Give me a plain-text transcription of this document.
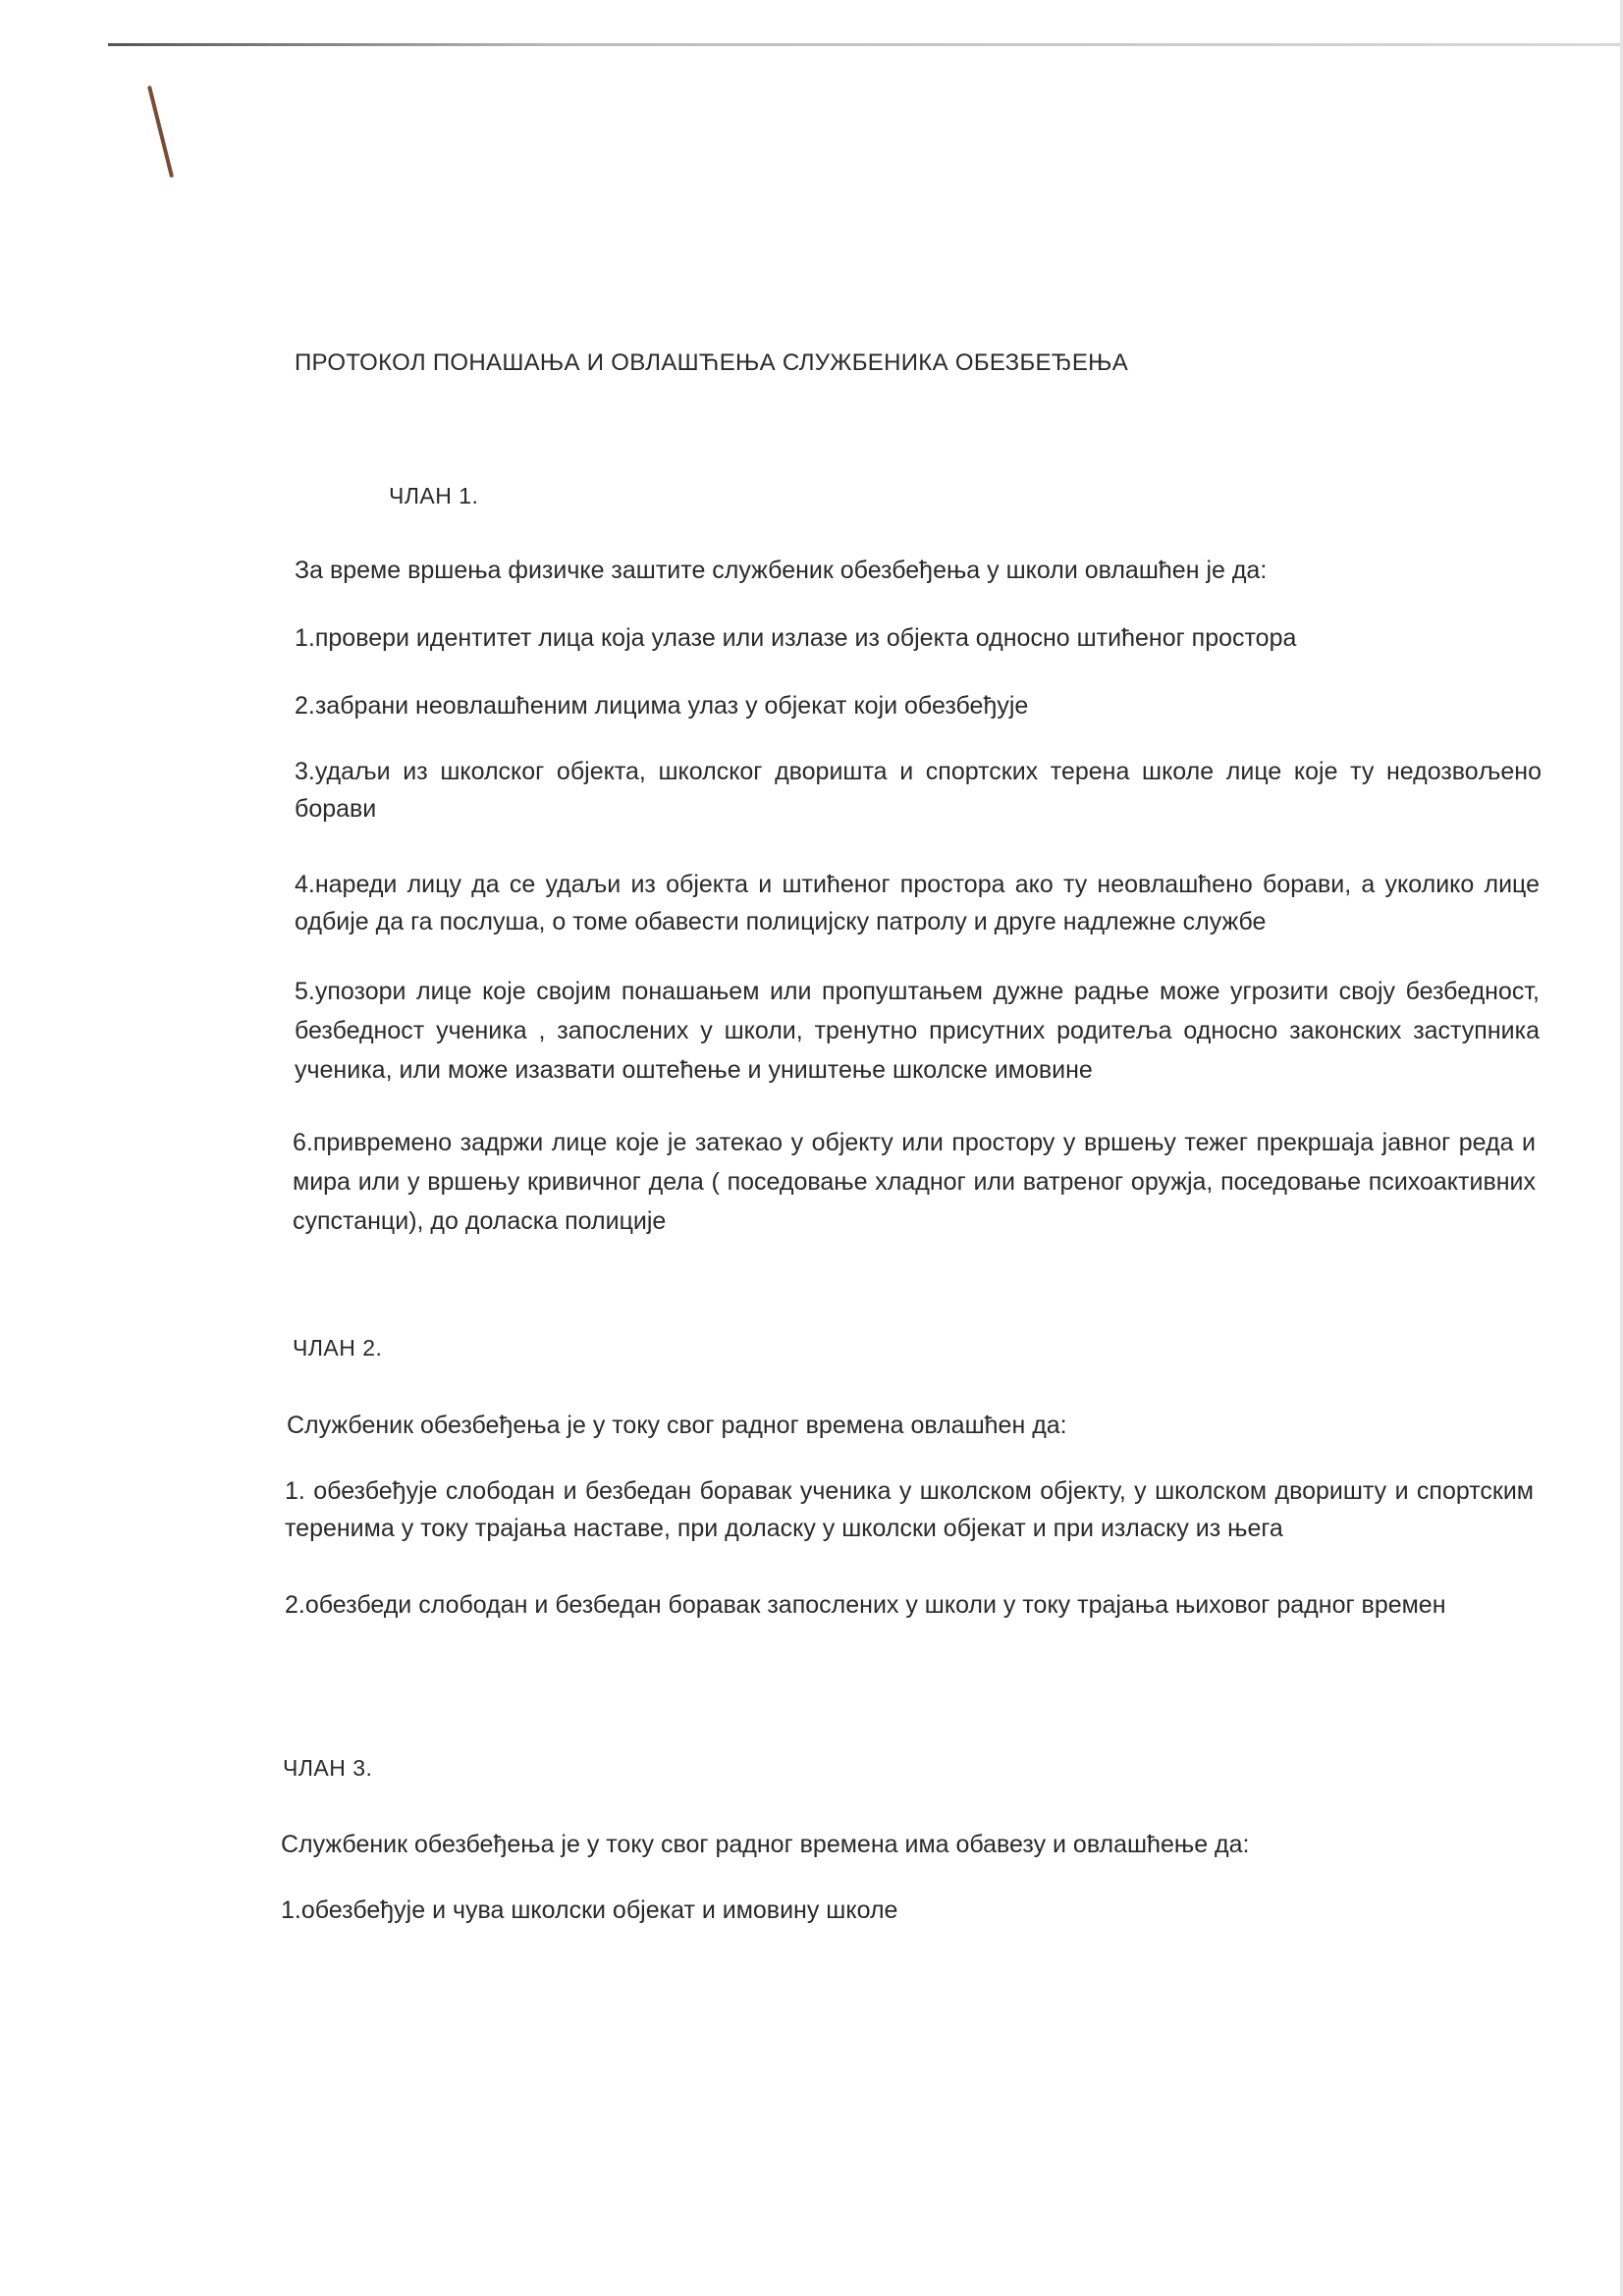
ПРОТОКОЛ ПОНАШАЊА И ОВЛАШЋЕЊА СЛУЖБЕНИКА ОБЕЗБЕЂЕЊА
ЧЛАН 1.

За време вршења физичке заштите службеник обезбеђења у школи овлашћен је да:

1.провери идентитет лица која улазе или излазе из објекта односно штићеног простора

2.забрани неовлашћеним лицима улаз у објекат који обезбеђује

3.удаљи из школског објекта, школског дворишта и спортских терена школе лице које ту недозвољено борави

4.нареди лицу да се удаљи из објекта и штићеног простора ако ту неовлашћено борави, а уколико лице одбије да га послуша, о томе обавести полицијску патролу и друге надлежне службе

5.упозори лице које својим понашањем или пропуштањем дужне радње може угрозити своју безбедност, безбедност ученика , запослених у школи, тренутно присутних родитеља односно законских заступника ученика, или може изазвати оштећење и уништење школске имовине

6.привремено задржи лице које је затекао у објекту или простору у вршењу тежег прекршаја јавног реда и мира или у вршењу кривичног дела ( поседовање хладног или ватреног оружја, поседовање психоактивних супстанци), до доласка полиције

ЧЛАН 2.

Службеник обезбеђења је у току свог радног времена овлашћен да:

1. обезбеђује слободан и безбедан боравак ученика у школском објекту, у школском дворишту и спортским теренима у току трајања наставе, при доласку у школски објекат и при изласку из њега

2.обезбеди слободан и безбедан боравак запослених у школи у току трајања њиховог радног времен

ЧЛАН 3.

Службеник обезбеђења је у току свог радног времена има обавезу и овлашћење да:

1.обезбеђује и чува школски објекат и имовину школе
